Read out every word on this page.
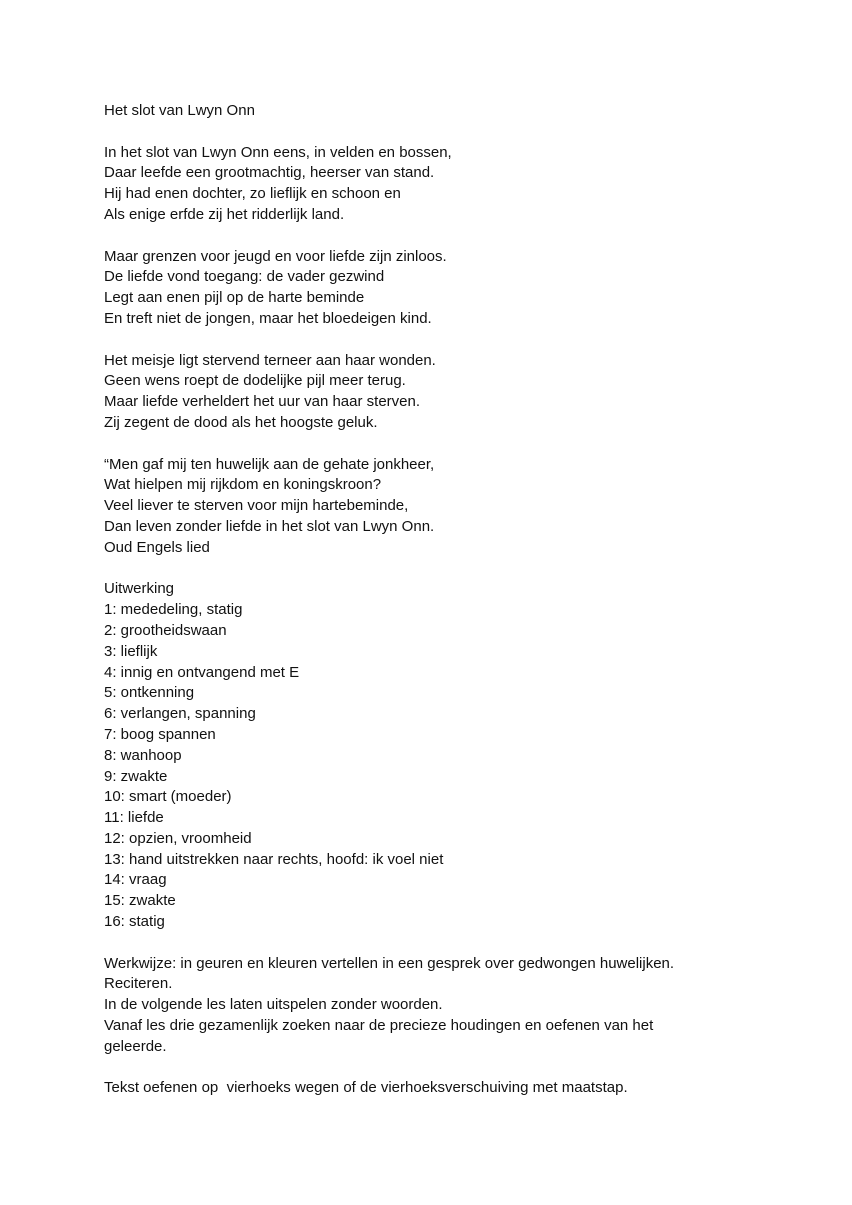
Het slot van Lwyn Onn
In het slot van Lwyn Onn eens, in velden en bossen,
Daar leefde een grootmachtig, heerser van stand.
Hij had enen dochter, zo lieflijk en schoon en
Als enige erfde zij het ridderlijk land.
Maar grenzen voor jeugd en voor liefde zijn zinloos.
De liefde vond toegang: de vader gezwind
Legt aan enen pijl op de harte beminde
En treft niet de jongen, maar het bloedeigen kind.
Het meisje ligt stervend terneer aan haar wonden.
Geen wens roept de dodelijke pijl meer terug.
Maar liefde verheldert het uur van haar sterven.
Zij zegent de dood als het hoogste geluk.
“Men gaf mij ten huwelijk aan de gehate jonkheer,
Wat hielpen mij rijkdom en koningskroon?
Veel liever te sterven voor mijn hartebeminde,
Dan leven zonder liefde in het slot van Lwyn Onn.
Oud Engels lied
Uitwerking
1: mededeling, statig
2: grootheidswaan
3: lieflijk
4: innig en ontvangend met E
5: ontkenning
6: verlangen, spanning
7: boog spannen
8: wanhoop
9: zwakte
10: smart (moeder)
11: liefde
12: opzien, vroomheid
13: hand uitstrekken naar rechts, hoofd: ik voel niet
14: vraag
15: zwakte
16: statig
Werkwijze: in geuren en kleuren vertellen in een gesprek over gedwongen huwelijken.
Reciteren.
In de volgende les laten uitspelen zonder woorden.
Vanaf les drie gezamenlijk zoeken naar de precieze houdingen en oefenen van het
geleerde.
Tekst oefenen op  vierhoeks wegen of de vierhoeksverschuiving met maatstap.
